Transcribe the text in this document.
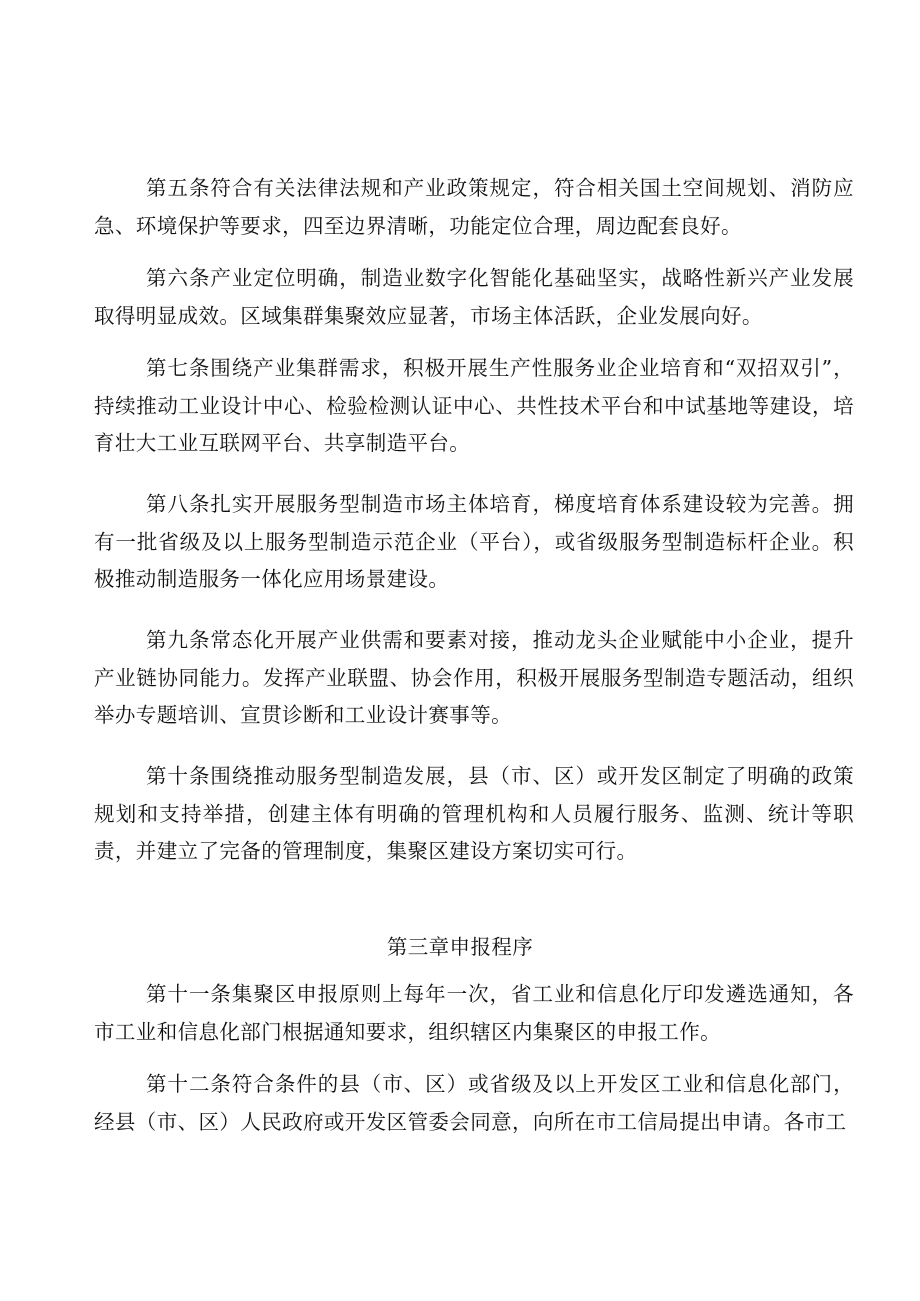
第五条符合有关法律法规和产业政策规定，符合相关国土空间规划、消防应急、环境保护等要求，四至边界清晰，功能定位合理，周边配套良好。

第六条产业定位明确，制造业数字化智能化基础坚实，战略性新兴产业发展取得明显成效。区域集群集聚效应显著，市场主体活跃，企业发展向好。

第七条围绕产业集群需求，积极开展生产性服务业企业培育和“双招双引”，持续推动工业设计中心、检验检测认证中心、共性技术平台和中试基地等建设，培育壮大工业互联网平台、共享制造平台。

第八条扎实开展服务型制造市场主体培育，梯度培育体系建设较为完善。拥有一批省级及以上服务型制造示范企业（平台），或省级服务型制造标杆企业。积极推动制造服务一体化应用场景建设。

第九条常态化开展产业供需和要素对接，推动龙头企业赋能中小企业，提升产业链协同能力。发挥产业联盟、协会作用，积极开展服务型制造专题活动，组织举办专题培训、宣贯诊断和工业设计赛事等。

第十条围绕推动服务型制造发展，县（市、区）或开发区制定了明确的政策规划和支持举措，创建主体有明确的管理机构和人员履行服务、监测、统计等职责，并建立了完备的管理制度，集聚区建设方案切实可行。

第三章申报程序

第十一条集聚区申报原则上每年一次，省工业和信息化厅印发遴选通知，各市工业和信息化部门根据通知要求，组织辖区内集聚区的申报工作。

第十二条符合条件的县（市、区）或省级及以上开发区工业和信息化部门，经县（市、区）人民政府或开发区管委会同意，向所在市工信局提出申请。各市工
